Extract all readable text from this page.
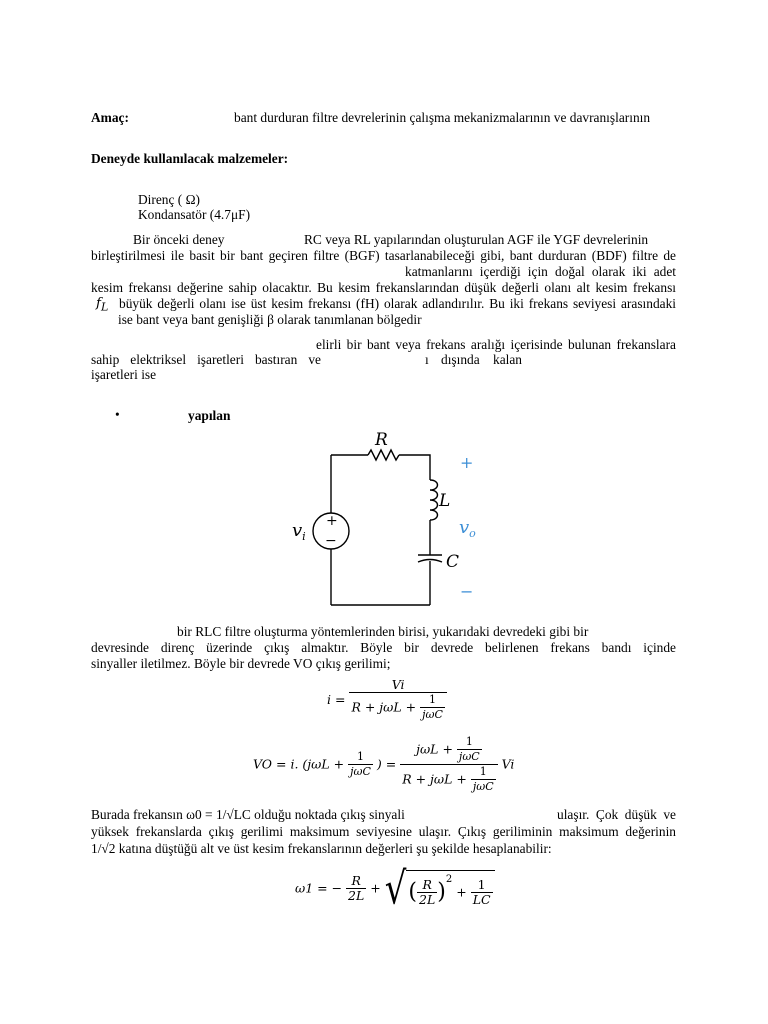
Amaç:	bant durduran filtre devrelerinin çalışma mekanizmalarının ve davranışlarının
Deneyde kullanılacak malzemeler:
Direnç ( Ω)
Kondansatör (4.7μF)
Bir önceki deney	RC veya RL yapılarından oluşturulan AGF ile YGF devrelerinin
birleştirilmesi ile basit bir bant geçiren filtre (BGF) tasarlanabileceği gibi, bant durduran (BDF) filtre de
katmanlarını içerdiği için doğal olarak iki adet
kesim frekansı değerine sahip olacaktır. Bu kesim frekanslarından düşük değerli olanı alt kesim frekansı
$f_L$ büyük değerli olanı ise üst kesim frekansı (fH) olarak adlandırılır. Bu iki frekans seviyesi arasındaki
ise bant veya bant genişliği β olarak tanımlanan bölgedir
elirli bir bant veya frekans aralığı içerisinde bulunan frekanslara
sahip elektriksel işaretleri bastıran ve	ı dışında kalan
işaretleri ise
•	yapılan
+
−
R
L
C
$v_i$	$v_o$
+
−
bir RLC filtre oluşturma yöntemlerinden birisi, yukarıdaki devredeki gibi bir
devresinde direnç üzerinde çıkış almaktır. Böyle bir devrede belirlenen frekans bandı içinde
sinyaller iletilmez. Böyle bir devrede VO çıkış gerilimi;
$i = \frac{Vi}{R + j\omega L + \frac{1}{\text{jωC}}}$
VO = i. ($j\omega L + \frac{1}{\text{jωC}}$ ) = $\frac{j\omega L + \frac{1}{\text{jωC}}}{R + j\omega L + \frac{1}{\text{jωC}}}$ Vi
Burada frekansın ω0 = 1/√LC olduğu noktada çıkış sinyali	ulaşır. Çok düşük ve
yüksek frekanslarda çıkış gerilimi maksimum seviyesine ulaşır. Çıkış geriliminin maksimum değerinin
1/√2 katına düştüğü alt ve üst kesim frekanslarının değerleri şu şekilde hesaplanabilir:
ω1 = − $\frac{R}{2L}$ + √( $\frac{R}{2L} )^2 + \frac{1}{LC}$
